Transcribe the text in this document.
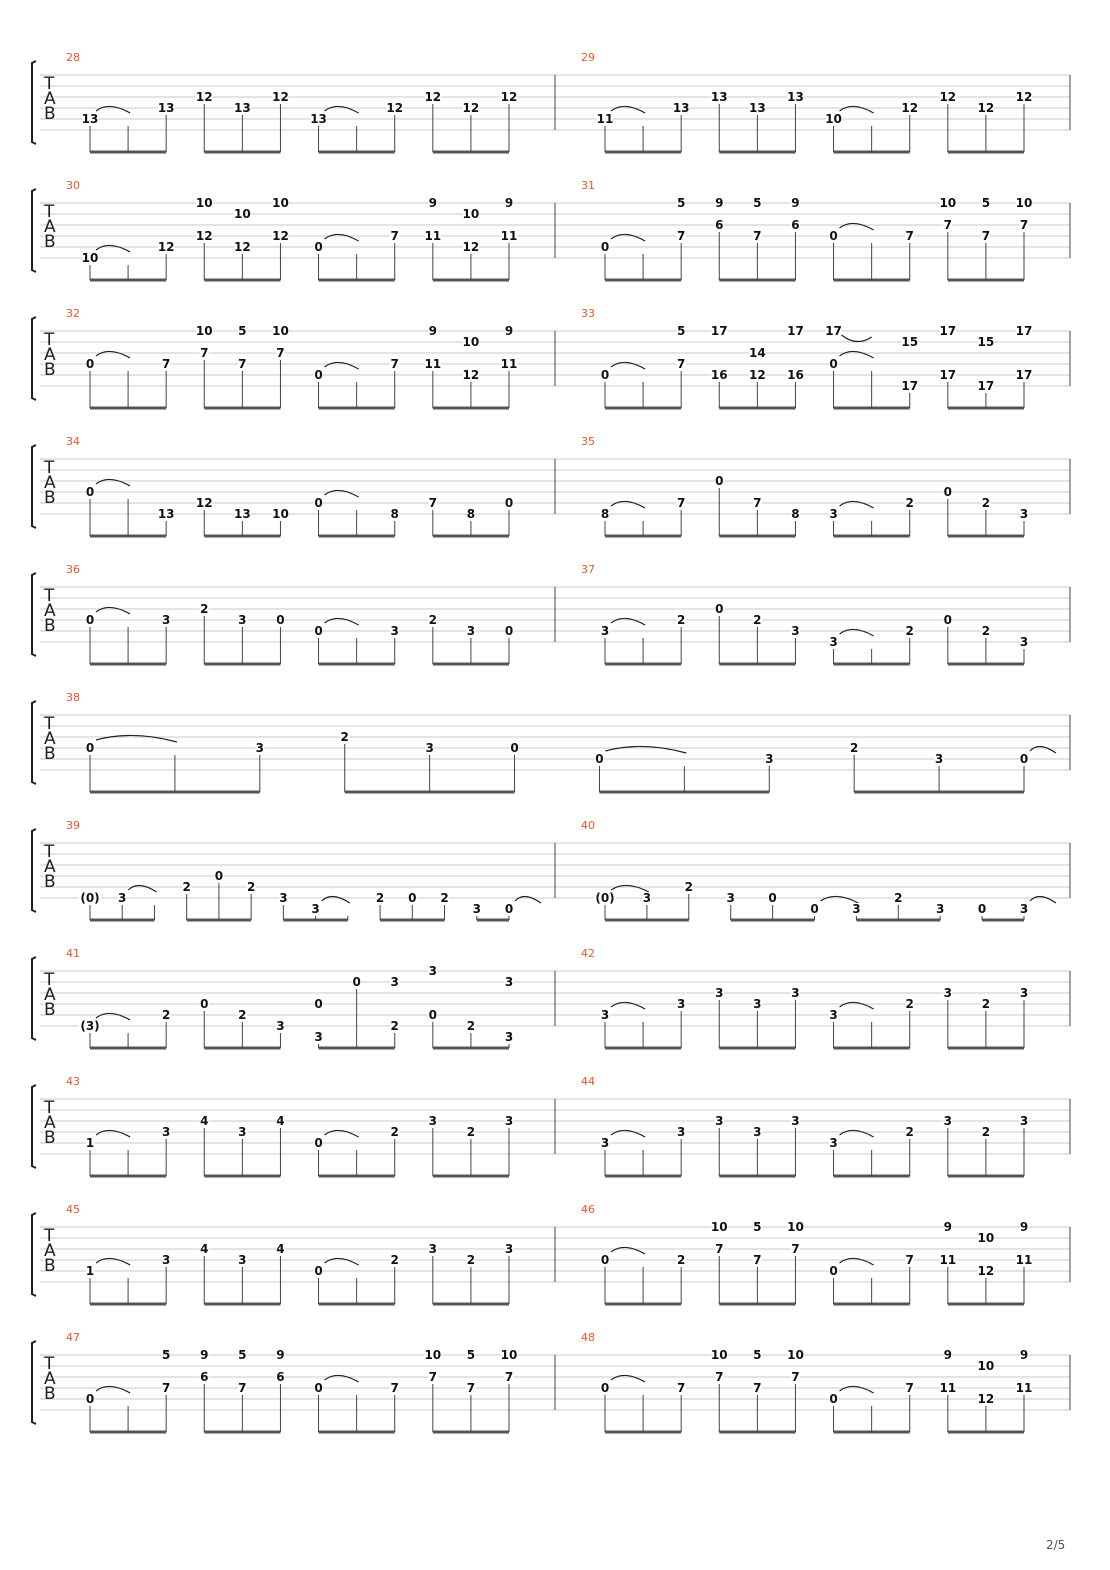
T
A
B
28
13
13
12
13
12
13
12
12
12
12
29
11
13
13
13
13
10
12
12
12
12
T
A
B
30
10
12
12
10
12
10
12
10
0
7 11
9
12
10
11
9
31
0
7
5
6
9
7
5
6
9
0	7
7
10
7
5
7
10
T
A
B
32
0	7
7
10
7
5
7
10
0
7 11
9
12
10
11
9
33
0
7
5
16
17
12
14
16
17
0
17
17
15
17
17
17
15
17
17
T
A
B
34
0
13
12
13 10
0
8
7
8
0
35
8
7
0
7
8 3
2
0
2
3
T
A
B
36
0	3
2
3 0
0	3
2
3 0
37
3
2
0
2
3
3
2
0
2
3
T
A
B
38
0	3
2
3	0
0	3
2
3	0
T
A
B
39
(0) 3
2
0
2
3
3
2 0 2
3 0
40
(0) 3
2
3	0
0	3
2
3	0	3
T
A
B
41
(3)
2
0
2
3
3
0
0
2
3
0
3
2
3
3
42
3
3
3
3
3
3
2
3
2
3
T
A
B
43
1
3
4
3
4
0
2
3
2
3
44
3
3
3
3
3
3
2
3
2
3
T
A
B
45
1
3
4
3
4
0
2
3
2
3
46
0	2
7
10
7
5
7
10
0
7 11
9
12
10
11
9
T
A
B
47
0
7
5
6
9
7
5
6
9
0	7
7
10
7
5
7
10
48
0	7
7
10
7
5
7
10
0
7 11
9
12
10
11
9
2/5
